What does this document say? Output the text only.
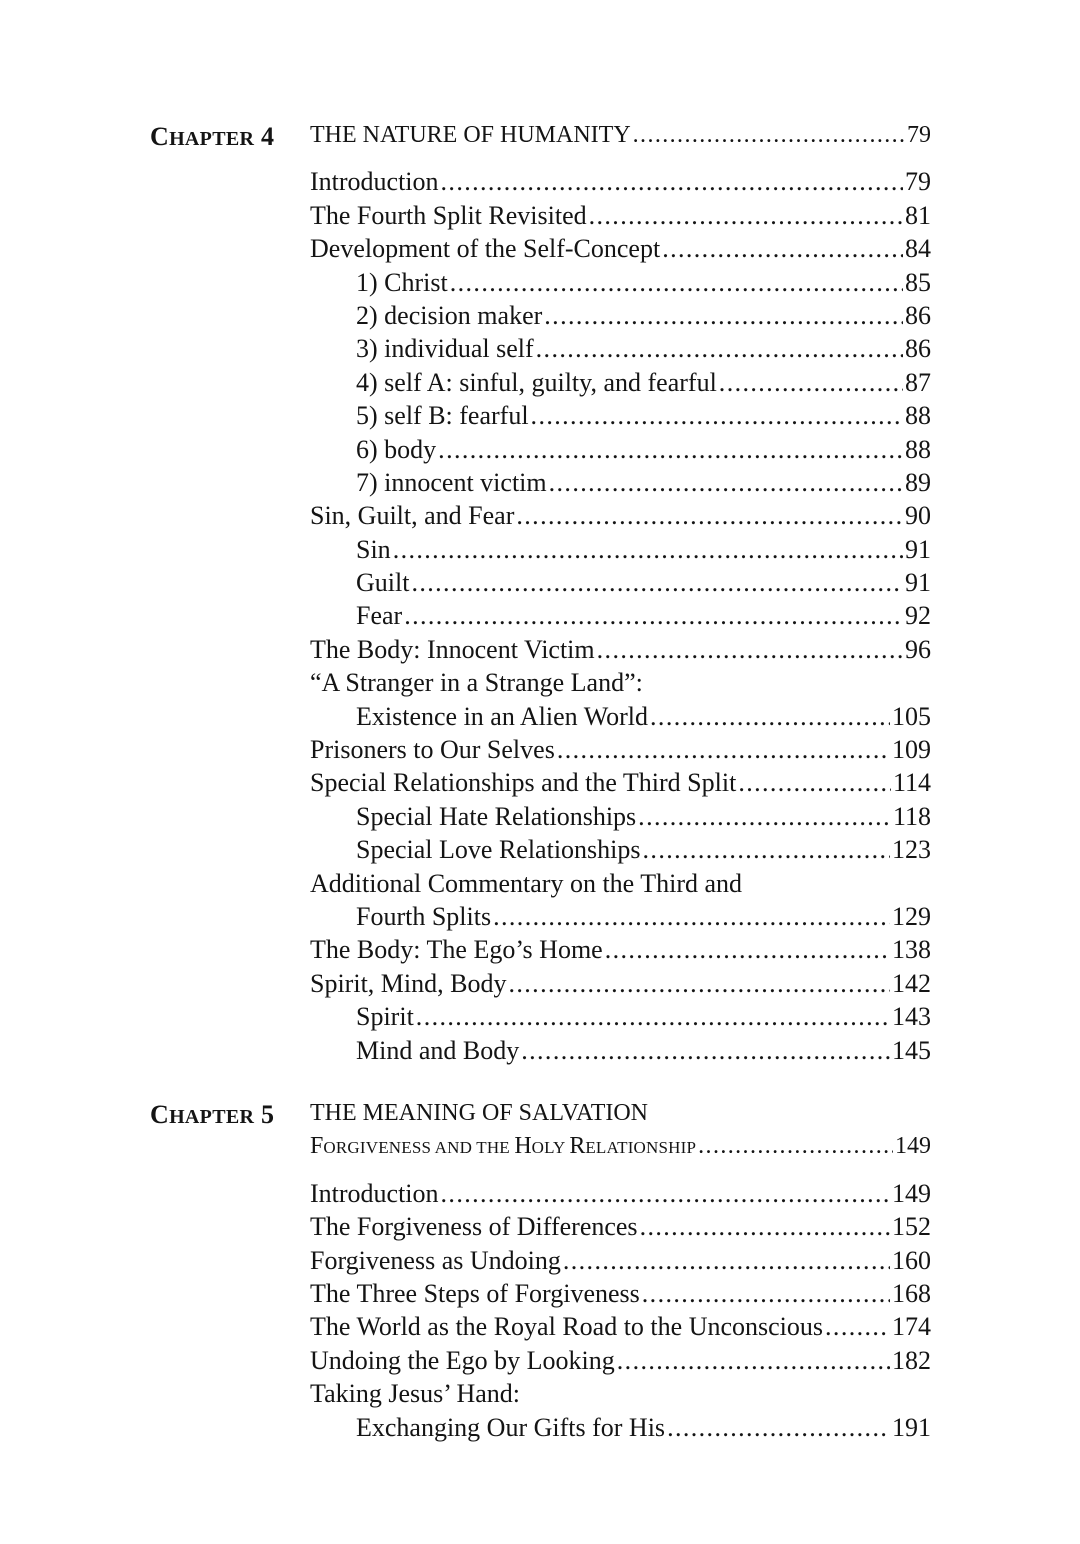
CHAPTER 4 THE NATURE OF HUMANITY .....	79
Introduction .....	79
The Fourth Split Revisited .....	81
Development of the Self-Concept .....	84
1) Christ .....	85
2) decision maker .....	86
3) individual self .....	86
4) self A: sinful, guilty, and fearful .....	87
5) self B: fearful .....	88
6) body .....	88
7) innocent victim .....	89
Sin, Guilt, and Fear .....	90
Sin .....	91
Guilt .....	91
Fear .....	92
The Body: Innocent Victim .....	96
“A Stranger in a Strange Land”:
Existence in an Alien World .....	105
Prisoners to Our Selves .....	109
Special Relationships and the Third Split .....	114
Special Hate Relationships .....	118
Special Love Relationships .....	123
Additional Commentary on the Third and
Fourth Splits .....	129
The Body: The Ego’s Home .....	138
Spirit, Mind, Body .....	142
Spirit .....	143
Mind and Body .....	145
CHAPTER 5 THE MEANING OF SALVATION
FORGIVENESS AND THE HOLY RELATIONSHIP .....	149
Introduction .....	149
The Forgiveness of Differences .....	152
Forgiveness as Undoing .....	160
The Three Steps of Forgiveness .....	168
The World as the Royal Road to the Unconscious .....	174
Undoing the Ego by Looking .....	182
Taking Jesus’ Hand:
Exchanging Our Gifts for His .....	191
